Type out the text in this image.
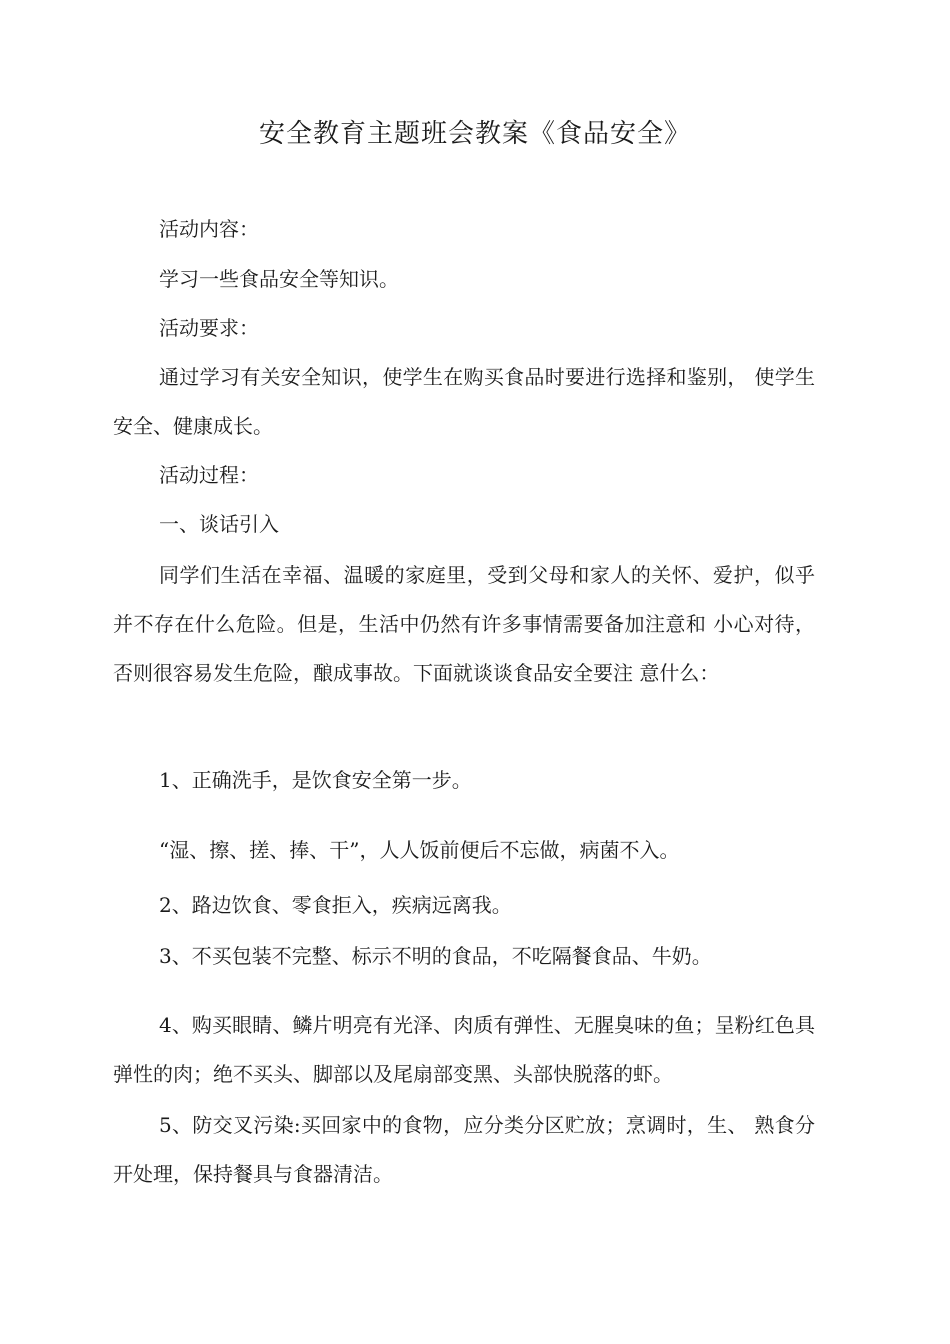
安全教育主题班会教案《食品安全》

活动内容：

学习一些食品安全等知识。

活动要求：

通过学习有关安全知识，使学生在购买食品时要进行选择和鉴别， 使学生安全、健康成长。

活动过程：

一、谈话引入

同学们生活在幸福、温暖的家庭里，受到父母和家人的关怀、爱护，似乎并不存在什么危险。但是，生活中仍然有许多事情需要备加注意和 小心对待，否则很容易发生危险，酿成事故。下面就谈谈食品安全要注 意什么：

1、正确洗手，是饮食安全第一步。

“湿、擦、搓、捧、干”，人人饭前便后不忘做，病菌不入。

2、路边饮食、零食拒入，疾病远离我。

3、不买包装不完整、标示不明的食品，不吃隔餐食品、牛奶。

4、购买眼睛、鳞片明亮有光泽、肉质有弹性、无腥臭味的鱼；呈粉红色具弹性的肉；绝不买头、脚部以及尾扇部变黑、头部快脱落的虾。

5、防交叉污染:买回家中的食物，应分类分区贮放；烹调时，生、 熟食分开处理，保持餐具与食器清洁。
